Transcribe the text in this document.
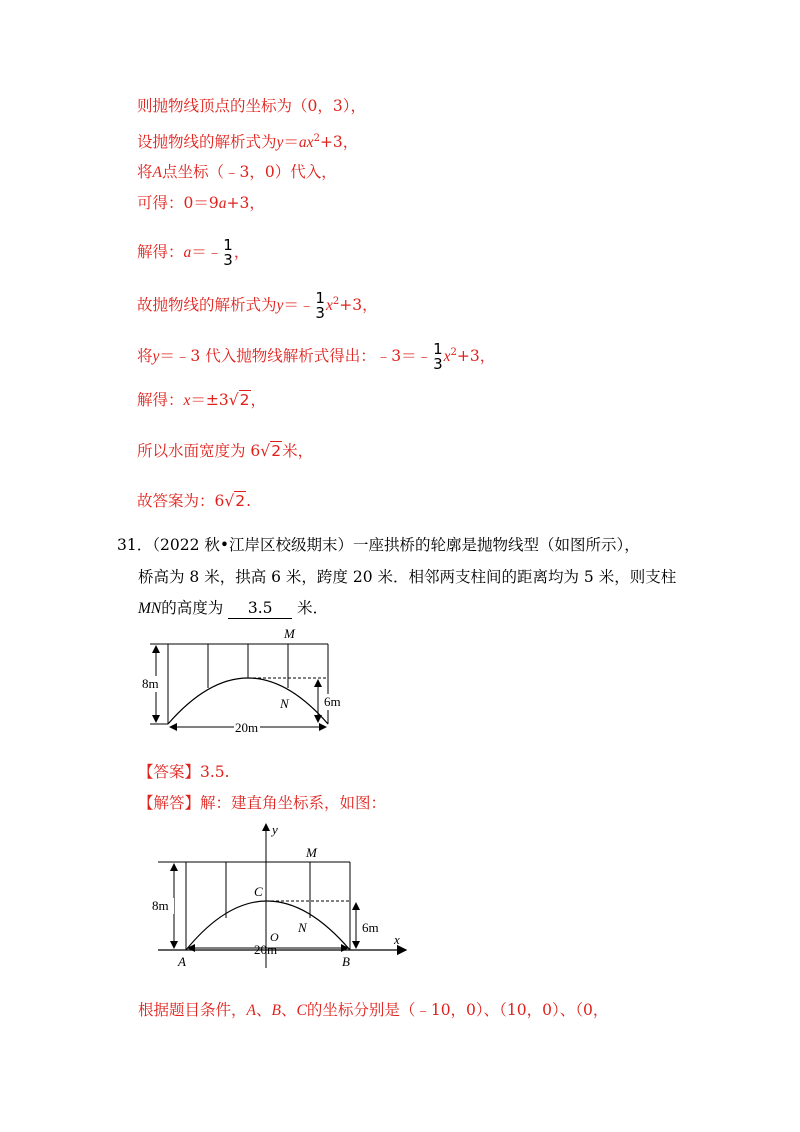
则抛物线顶点的坐标为（0，3），
设抛物线的解析式为$y=ax^2+3$，
将A点坐标（﹣3，0）代入，
可得：0＝9a+3，
解得：a＝﹣ 1
3 ，
故抛物线的解析式为y＝﹣ 1
3 $x^2+3$，
将y＝﹣3 代入抛物线解析式得出：﹣3＝﹣ 1
3 $x^2+3$，
解得：x＝±3√2，
所以水面宽度为 6√2米，
故答案为：6√2.
31．（2022 秋•江岸区校级期末）一座拱桥的轮廓是抛物线型（如图所示），
桥高为 8 米，拱高 6 米，跨度 20 米．相邻两支柱间的距离均为 5 米，则支柱
MN的高度为 3.5 米．
M
N
8m
6m
20m
【答案】3.5.
【解答】解：建直角坐标系，如图：
y
x
M
C
N
O
A	B
8m
6m
20m
根据题目条件，A、B、C的坐标分别是（﹣10，0）、（10，0）、（0，
